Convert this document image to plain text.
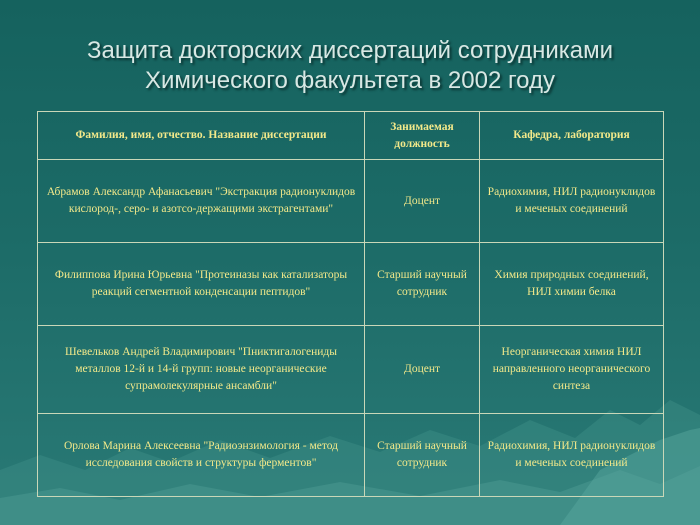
Защита докторских диссертаций сотрудниками
Химического факультета в 2002 году
Фамилия, имя, отчество. Название диссертации	Занимаемая должность	Кафедра, лаборатория
Абрамов Александр Афанасьевич "Экстракция радионуклидов кислород-, серо- и азотсо-держащими экстрагентами"	Доцент	Радиохимия, НИЛ радионуклидов и меченых соединений
Филиппова Ирина Юрьевна "Протеиназы как катализаторы реакций сегментной конденсации пептидов"	Старший научный сотрудник	Химия природных соединений, НИЛ химии белка
Шевельков Андрей Владимирович "Пниктигалогениды металлов 12-й и 14-й групп: новые неорганические супрамолекулярные ансамбли"	Доцент	Неорганическая химия НИЛ направленного неорганического синтеза
Орлова Марина Алексеевна "Радиоэнзимология - метод исследования свойств и структуры ферментов"	Старший научный сотрудник	Радиохимия, НИЛ радионуклидов и меченых соединений
